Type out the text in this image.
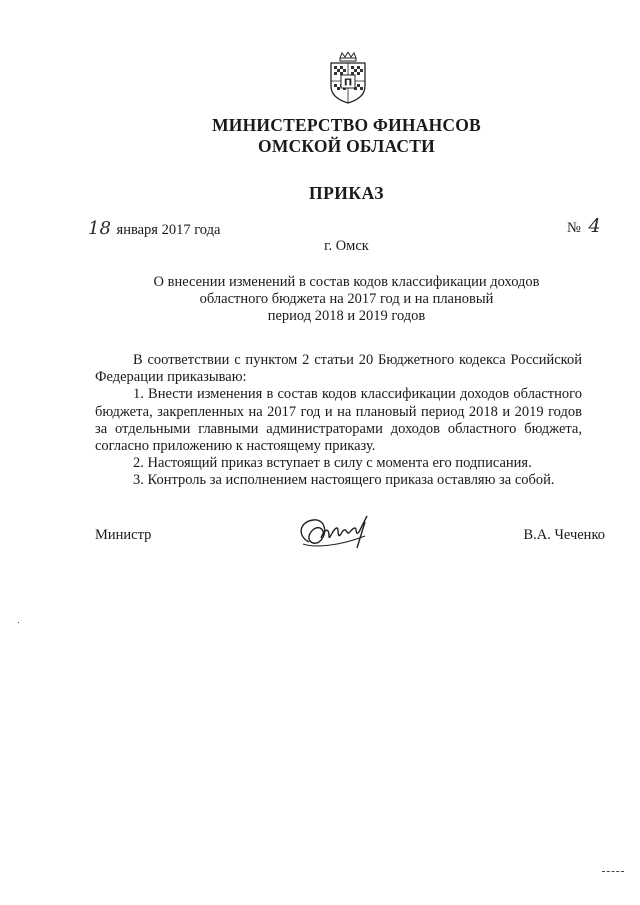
П
МИНИСТЕРСТВО ФИНАНСОВ
ОМСКОЙ ОБЛАСТИ
ПРИКАЗ
18 января 2017 года	№ 4
г. Омск
О внесении изменений в состав кодов классификации доходов
областного бюджета на 2017 год и на плановый
период 2018 и 2019 годов

В соответствии с пунктом 2 статьи 20 Бюджетного кодекса Российской Федерации приказываю:

1. Внести изменения в состав кодов классификации доходов областного бюджета, закрепленных на 2017 год и на плановый период 2018 и 2019 годов за отдельными главными администраторами доходов областного бюджета, согласно приложению к настоящему приказу.

2. Настоящий приказ вступает в силу с момента его подписания.

3. Контроль за исполнением настоящего приказа оставляю за собой.

Министр	В.А. Чеченко
